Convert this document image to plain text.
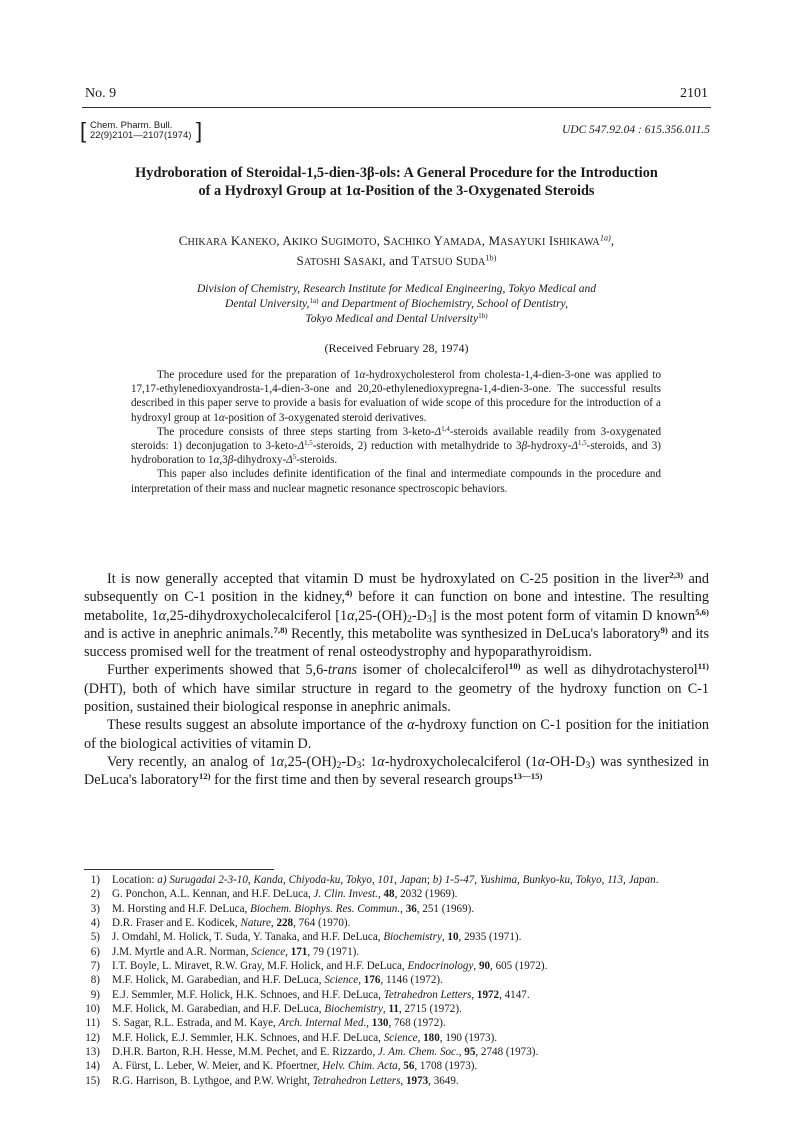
No. 9	2101
[ Chem. Pharm. Bull.
22(9)2101—2107(1974) ]	UDC 547.92.04 : 615.356.011.5
Hydroboration of Steroidal-1,5-dien-3β-ols: A General Procedure for the Introduction of a Hydroxyl Group at 1α-Position of the 3-Oxygenated Steroids
CHIKARA KANEKO, AKIKO SUGIMOTO, SACHIKO YAMADA, MASAYUKI $ISHIKAWA^{1a)}$,
SATOSHI SASAKI, and TATSUO $SUDA^{1b)}$
Division of Chemistry, Research Institute for Medical Engineering, Tokyo Medical and
Dental University,$^{1a)}$ and Department of Biochemistry, School of Dentistry,
Tokyo Medical and Dental University$^{1b)}$
(Received February 28, 1974)

The procedure used for the preparation of 1α-hydroxycholesterol from cholesta-1,4-dien-3-one was applied to 17,17-ethylenedioxyandrosta-1,4-dien-3-one and 20,20-ethylenedioxypregna-1,4-dien-3-one. The successful results described in this paper serve to provide a basis for evaluation of wide scope of this procedure for the introduction of a hydroxyl group at 1α-position of 3-oxygenated steroid derivatives.

The procedure consists of three steps starting from $3-keto-\Delta^{1,4}$-steroids available readily from 3-oxygenated steroids: 1) deconjugation to $3-keto-\Delta^{1,5}$-steroids, 2) reduction with metalhydride to $3\beta-hydroxy-\Delta^{1,5}$-steroids, and 3) hydroboration to $1\alpha,3\beta-dihydroxy-\Delta^5$-steroids.

This paper also includes definite identification of the final and intermediate compounds in the procedure and interpretation of their mass and nuclear magnetic resonance spectroscopic behaviors.

It is now generally accepted that vitamin D must be hydroxylated on C-25 position in the liver$^{2,3)}$ and subsequently on C-1 position in the kidney,$^{4)}$ before it can function on bone and intestine. The resulting metabolite, 1α,25-dihydroxycholecalciferol $[1\alpha,25-(OH)_2-D_3]$ is the most potent form of vitamin D known$^{5,6)}$ and is active in anephric animals.$^{7,8)}$ Recently, this metabolite was synthesized in DeLuca's laboratory$^{9)}$ and its success promised well for the treatment of renal osteodystrophy and hypoparathyroidism.

Further experiments showed that 5,6-trans isomer of cholecalciferol$^{10)}$ as well as dihydrotachysterol$^{11)}$ (DHT), both of which have similar structure in regard to the geometry of the hydroxy function on C-1 position, sustained their biological response in anephric animals.

These results suggest an absolute importance of the α-hydroxy function on C-1 position for the initiation of the biological activities of vitamin D.

Very recently, an analog of $1\alpha,25-(OH)_2-D_3$: 1α-hydroxycholecalciferol $(1\alpha-OH-D_3)$ was synthesized in DeLuca's laboratory$^{12)}$ for the first time and then by several research groups$^{13—15)}$

1) Location: a) Surugadai 2-3-10, Kanda, Chiyoda-ku, Tokyo, 101, Japan; b) 1-5-47, Yushima, Bunkyo-ku, Tokyo, 113, Japan.
2) G. Ponchon, A.L. Kennan, and H.F. DeLuca, J. Clin. Invest., 48, 2032 (1969).
3) M. Horsting and H.F. DeLuca, Biochem. Biophys. Res. Commun., 36, 251 (1969).
4) D.R. Fraser and E. Kodicek, Nature, 228, 764 (1970).
5) J. Omdahl, M. Holick, T. Suda, Y. Tanaka, and H.F. DeLuca, Biochemistry, 10, 2935 (1971).
6) J.M. Myrtle and A.R. Norman, Science, 171, 79 (1971).
7) I.T. Boyle, L. Miravet, R.W. Gray, M.F. Holick, and H.F. DeLuca, Endocrinology, 90, 605 (1972).
8) M.F. Holick, M. Garabedian, and H.F. DeLuca, Science, 176, 1146 (1972).
9) E.J. Semmler, M.F. Holick, H.K. Schnoes, and H.F. DeLuca, Tetrahedron Letters, 1972, 4147.
10) M.F. Holick, M. Garabedian, and H.F. DeLuca, Biochemistry, 11, 2715 (1972).
11) S. Sagar, R.L. Estrada, and M. Kaye, Arch. Internal Med., 130, 768 (1972).
12) M.F. Holick, E.J. Semmler, H.K. Schnoes, and H.F. DeLuca, Science, 180, 190 (1973).
13) D.H.R. Barton, R.H. Hesse, M.M. Pechet, and E. Rizzardo, J. Am. Chem. Soc., 95, 2748 (1973).
14) A. Fürst, L. Leber, W. Meier, and K. Pfoertner, Helv. Chim. Acta, 56, 1708 (1973).
15) R.G. Harrison, B. Lythgoe, and P.W. Wright, Tetrahedron Letters, 1973, 3649.
